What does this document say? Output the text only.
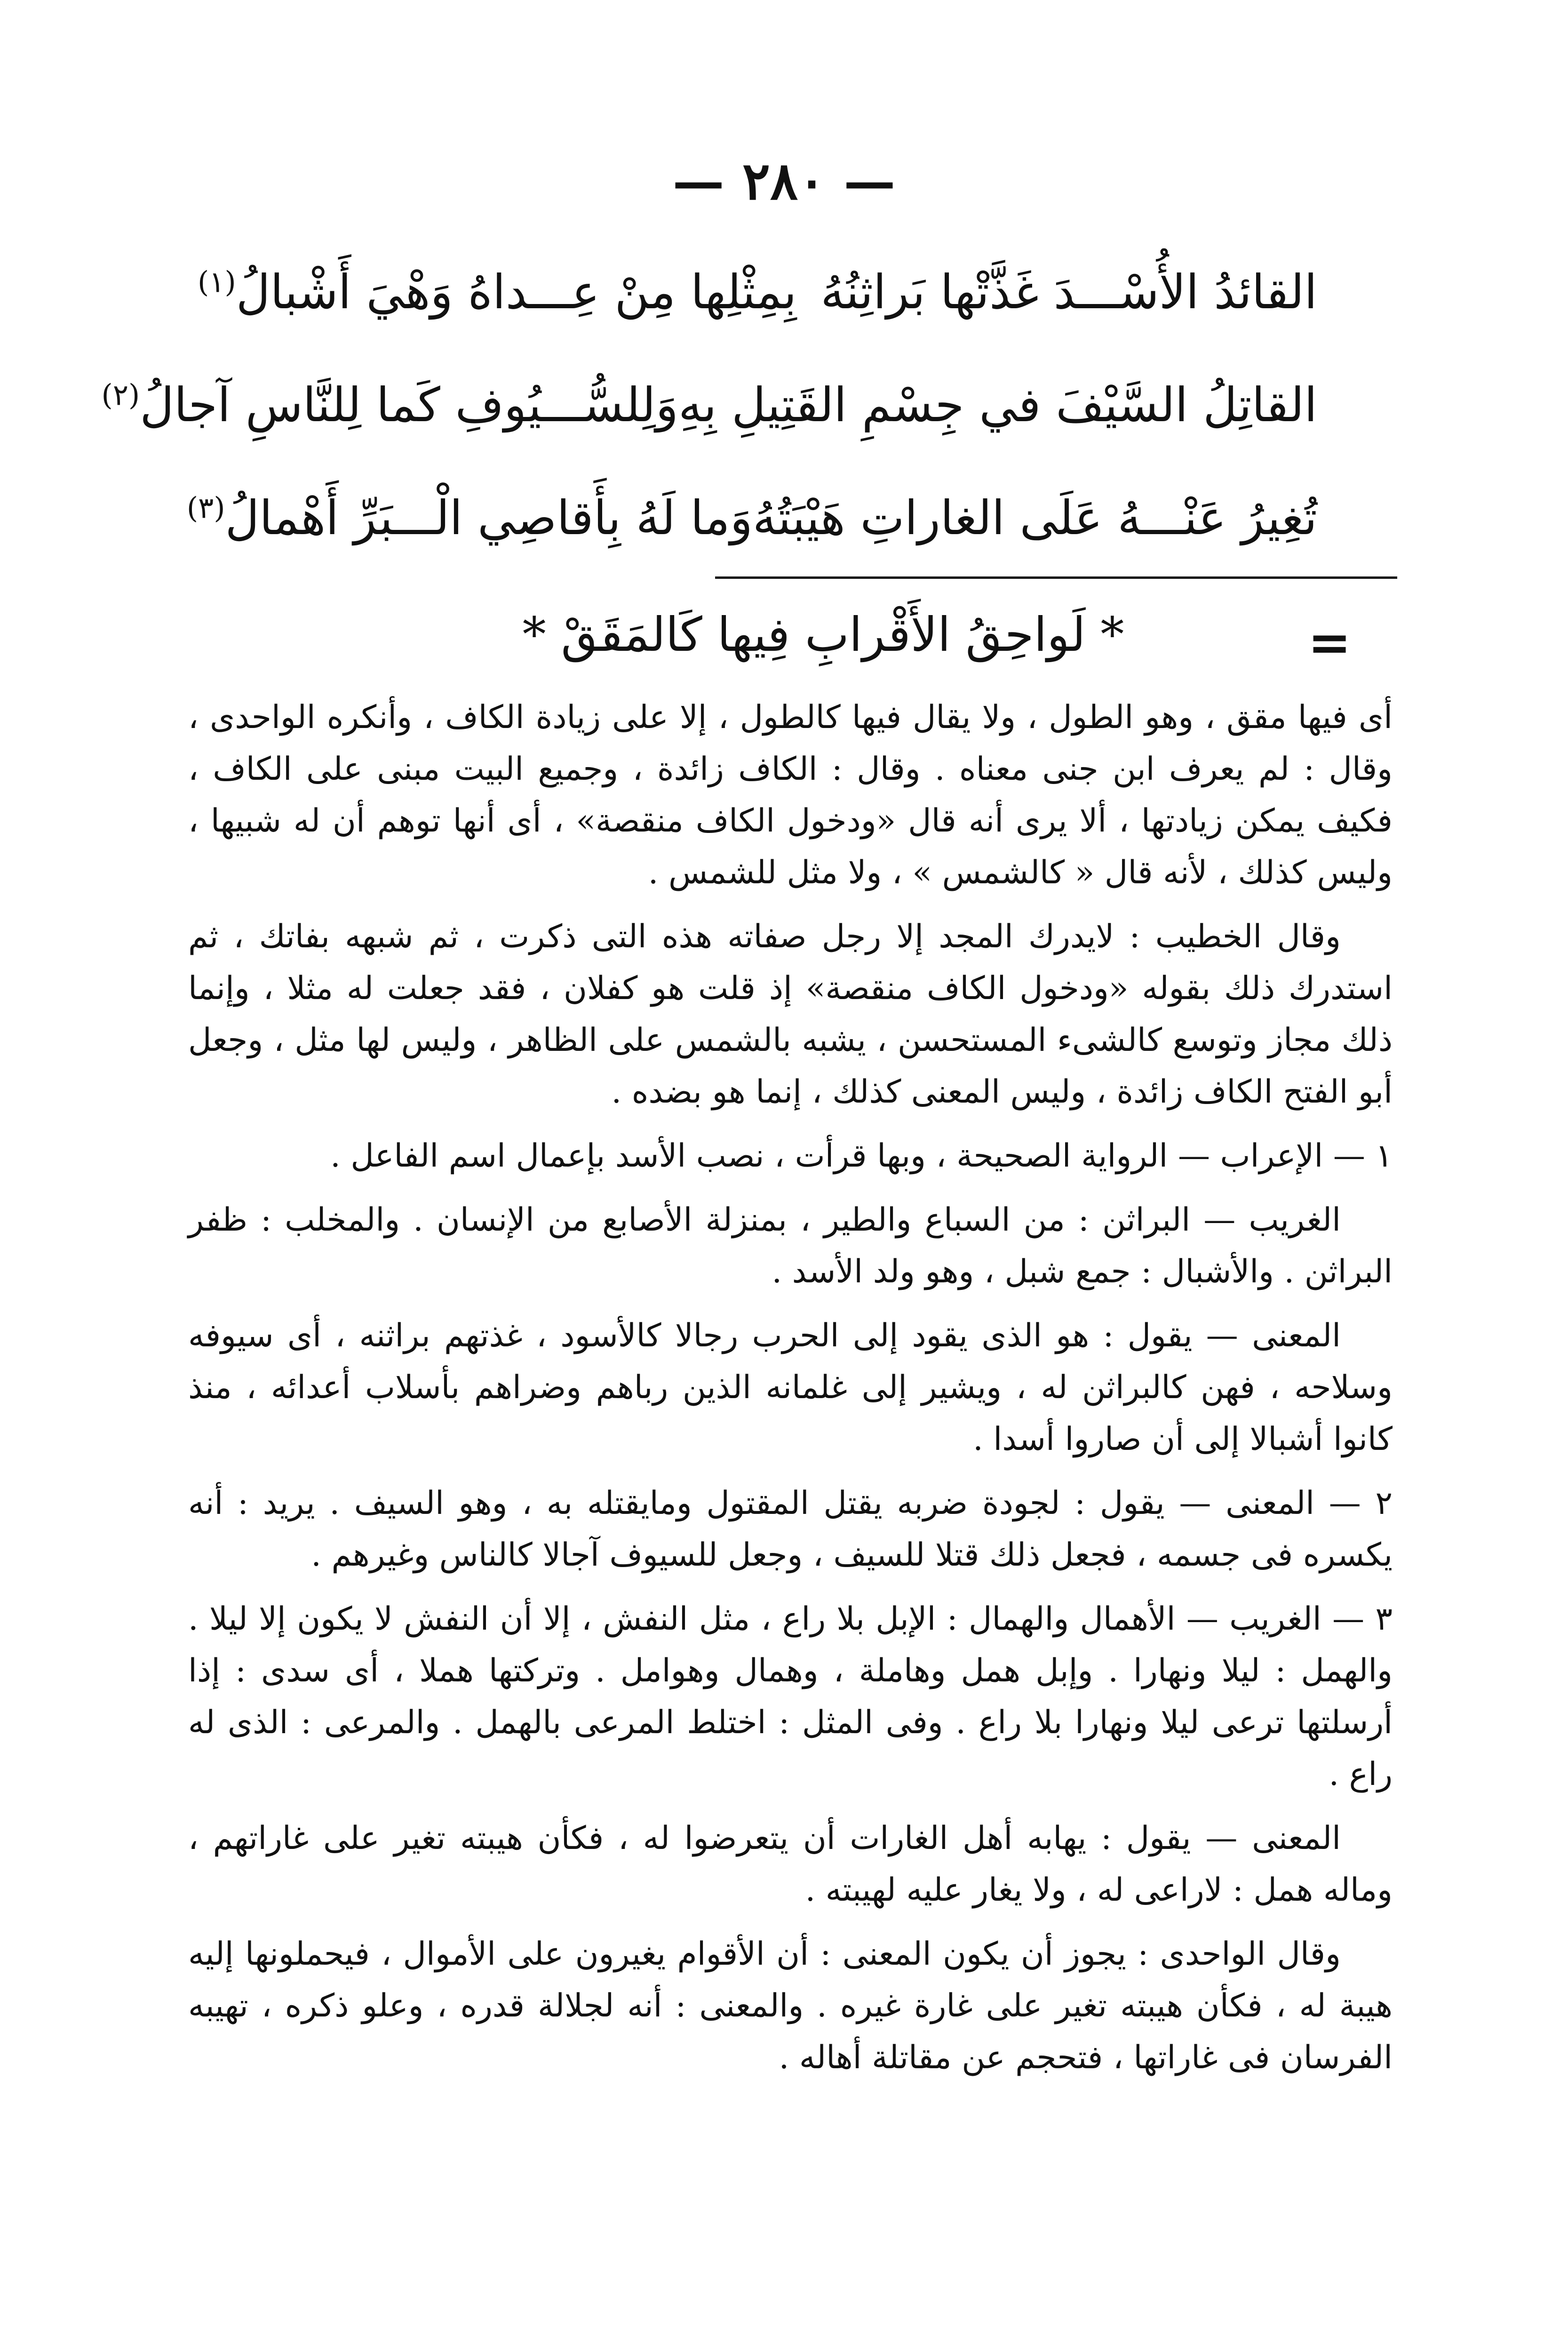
— ٢٨٠ —
القائدُ الأُسْـــدَ غَذَّتْها بَراثِنُهُ
بِمِثْلِها مِنْ عِـــداهُ وَهْيَ أَشْبالُ$^{(١)}$
القاتِلُ السَّيْفَ في جِسْمِ القَتِيلِ بِهِ
وَلِلسُّـــيُوفِ كَما لِلنَّاسِ آجالُ$^{(٢)}$
تُغِيرُ عَنْـــهُ عَلَى الغاراتِ هَيْبَتُهُ
وَما لَهُ بِأَقاصِي الْـــبَرِّ أَهْمالُ$^{(٣)}$
=
* لَواحِقُ الأَقْرابِ فِيها كَالمَقَقْ *

أى فيها مقق ، وهو الطول ، ولا يقال فيها كالطول ، إلا على زيادة الكاف ، وأنكره الواحدى ، وقال : لم يعرف ابن جنى معناه . وقال : الكاف زائدة ، وجميع البيت مبنى على الكاف ، فكيف يمكن زيادتها ، ألا يرى أنه قال «ودخول الكاف منقصة» ، أى أنها توهم أن له شبيها ، وليس كذلك ، لأنه قال « كالشمس » ، ولا مثل للشمس .

وقال الخطيب : لايدرك المجد إلا رجل صفاته هذه التى ذكرت ، ثم شبهه بفاتك ، ثم استدرك ذلك بقوله «ودخول الكاف منقصة» إذ قلت هو كفلان ، فقد جعلت له مثلا ، وإنما ذلك مجاز وتوسع كالشىء المستحسن ، يشبه بالشمس على الظاهر ، وليس لها مثل ، وجعل أبو الفتح الكاف زائدة ، وليس المعنى كذلك ، إنما هو بضده .

١ — الإعراب — الرواية الصحيحة ، وبها قرأت ، نصب الأسد بإعمال اسم الفاعل .

الغريب — البراثن : من السباع والطير ، بمنزلة الأصابع من الإنسان . والمخلب : ظفر البراثن . والأشبال : جمع شبل ، وهو ولد الأسد .

المعنى — يقول : هو الذى يقود إلى الحرب رجالا كالأسود ، غذتهم براثنه ، أى سيوفه وسلاحه ، فهن كالبراثن له ، ويشير إلى غلمانه الذين رباهم وضراهم بأسلاب أعدائه ، منذ كانوا أشبالا إلى أن صاروا أسدا .

٢ — المعنى — يقول : لجودة ضربه يقتل المقتول ومايقتله به ، وهو السيف . يريد : أنه يكسره فى جسمه ، فجعل ذلك قتلا للسيف ، وجعل للسيوف آجالا كالناس وغيرهم .

٣ — الغريب — الأهمال والهمال : الإبل بلا راع ، مثل النفش ، إلا أن النفش لا يكون إلا ليلا . والهمل : ليلا ونهارا . وإبل همل وهاملة ، وهمال وهوامل . وتركتها هملا ، أى سدى : إذا أرسلتها ترعى ليلا ونهارا بلا راع . وفى المثل : اختلط المرعى بالهمل . والمرعى : الذى له راع .

المعنى — يقول : يهابه أهل الغارات أن يتعرضوا له ، فكأن هيبته تغير على غاراتهم ، وماله همل : لاراعى له ، ولا يغار عليه لهيبته .

وقال الواحدى : يجوز أن يكون المعنى : أن الأقوام يغيرون على الأموال ، فيحملونها إليه هيبة له ، فكأن هيبته تغير على غارة غيره . والمعنى : أنه لجلالة قدره ، وعلو ذكره ، تهيبه الفرسان فى غاراتها ، فتحجم عن مقاتلة أهاله .
